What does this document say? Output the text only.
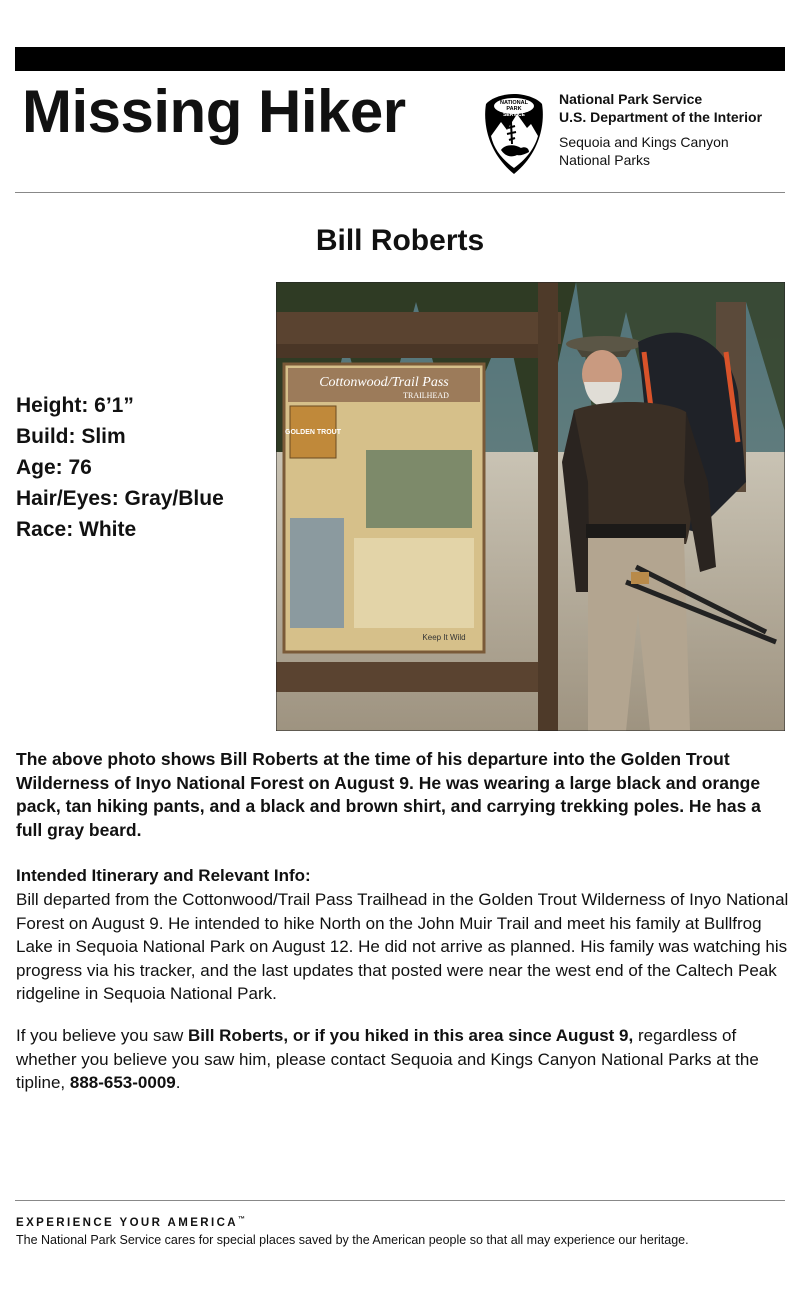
Missing Hiker	NATIONAL
PARK
SERVICE
National Park Service
U.S. Department of the Interior
Sequoia and Kings Canyon
National Parks
Bill Roberts
Cottonwood/Trail Pass
TRAILHEAD
GOLDEN TROUT
Keep It Wild
Height: 6’1”
Build: Slim
Age: 76
Hair/Eyes: Gray/Blue
Race: White
The above photo shows Bill Roberts at the time of his departure into the Golden Trout Wilderness of Inyo National Forest on August 9. He was wearing a large black and orange pack, tan hiking pants, and a black and brown shirt, and carrying trekking poles. He has a full gray beard.
Intended Itinerary and Relevant Info:
Bill departed from the Cottonwood/Trail Pass Trailhead in the Golden Trout Wilderness of Inyo National Forest on August 9. He intended to hike North on the John Muir Trail and meet his family at Bullfrog Lake in Sequoia National Park on August 12. He did not arrive as planned. His family was watching his progress via his tracker, and the last updates that posted were near the west end of the Caltech Peak ridgeline in Sequoia National Park.
If you believe you saw Bill Roberts, or if you hiked in this area since August 9, regardless of whether you believe you saw him, please contact Sequoia and Kings Canyon National Parks at the tipline, 888-653-0009.
EXPERIENCE YOUR AMERICA™
The National Park Service cares for special places saved by the American people so that all may experience our heritage.
